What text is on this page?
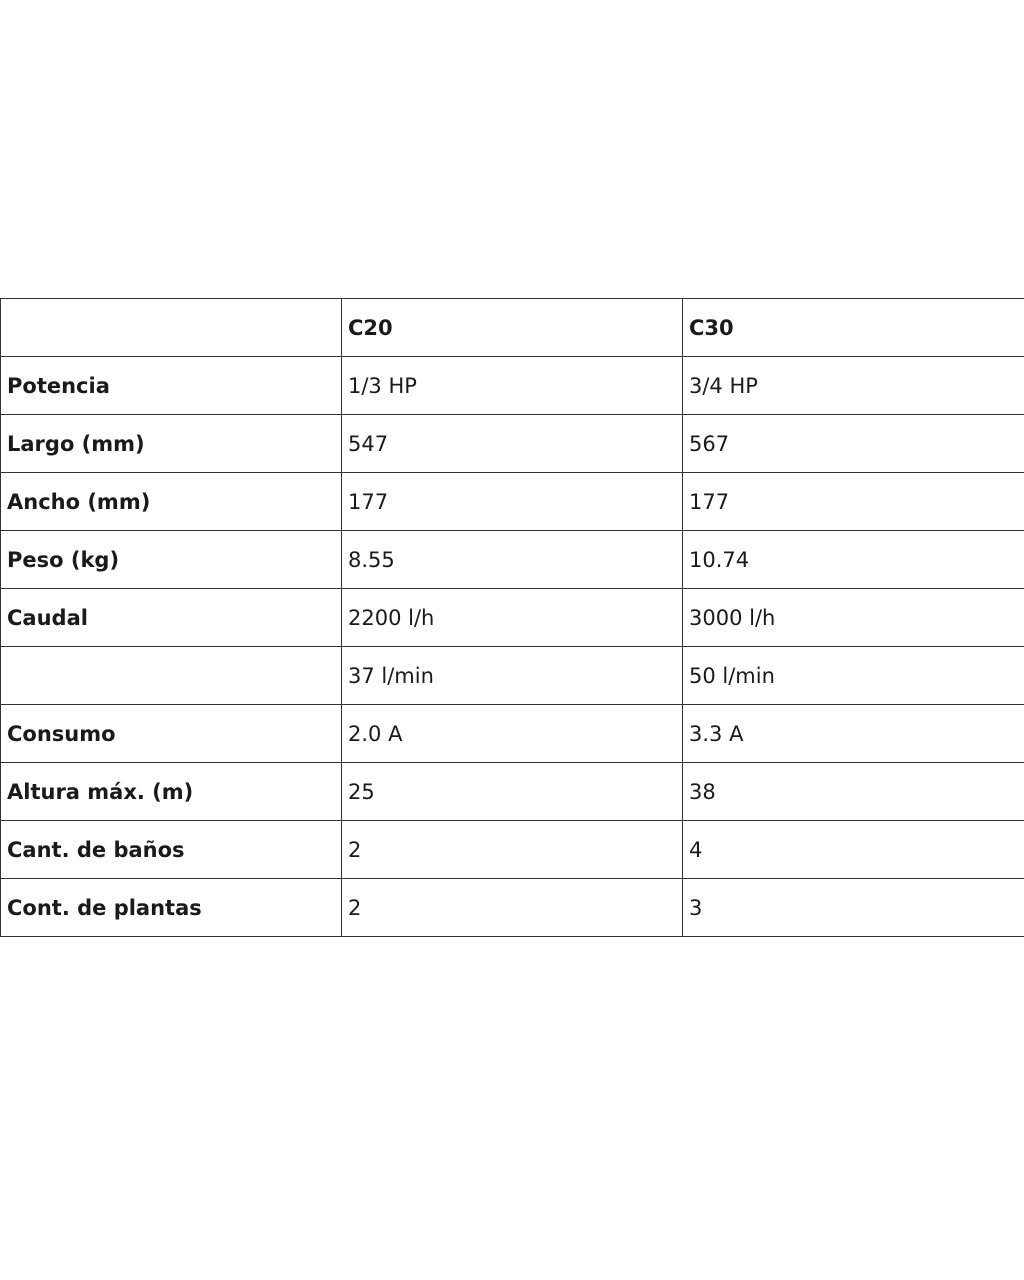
	C20	C30
Potencia	1/3 HP	3/4 HP
Largo (mm)	547	567
Ancho (mm)	177	177
Peso (kg)	8.55	10.74
Caudal	2200 l/h	3000 l/h
	37 l/min	50 l/min
Consumo	2.0 A	3.3 A
Altura máx. (m)	25	38
Cant. de baños	2	4
Cont. de plantas	2	3
